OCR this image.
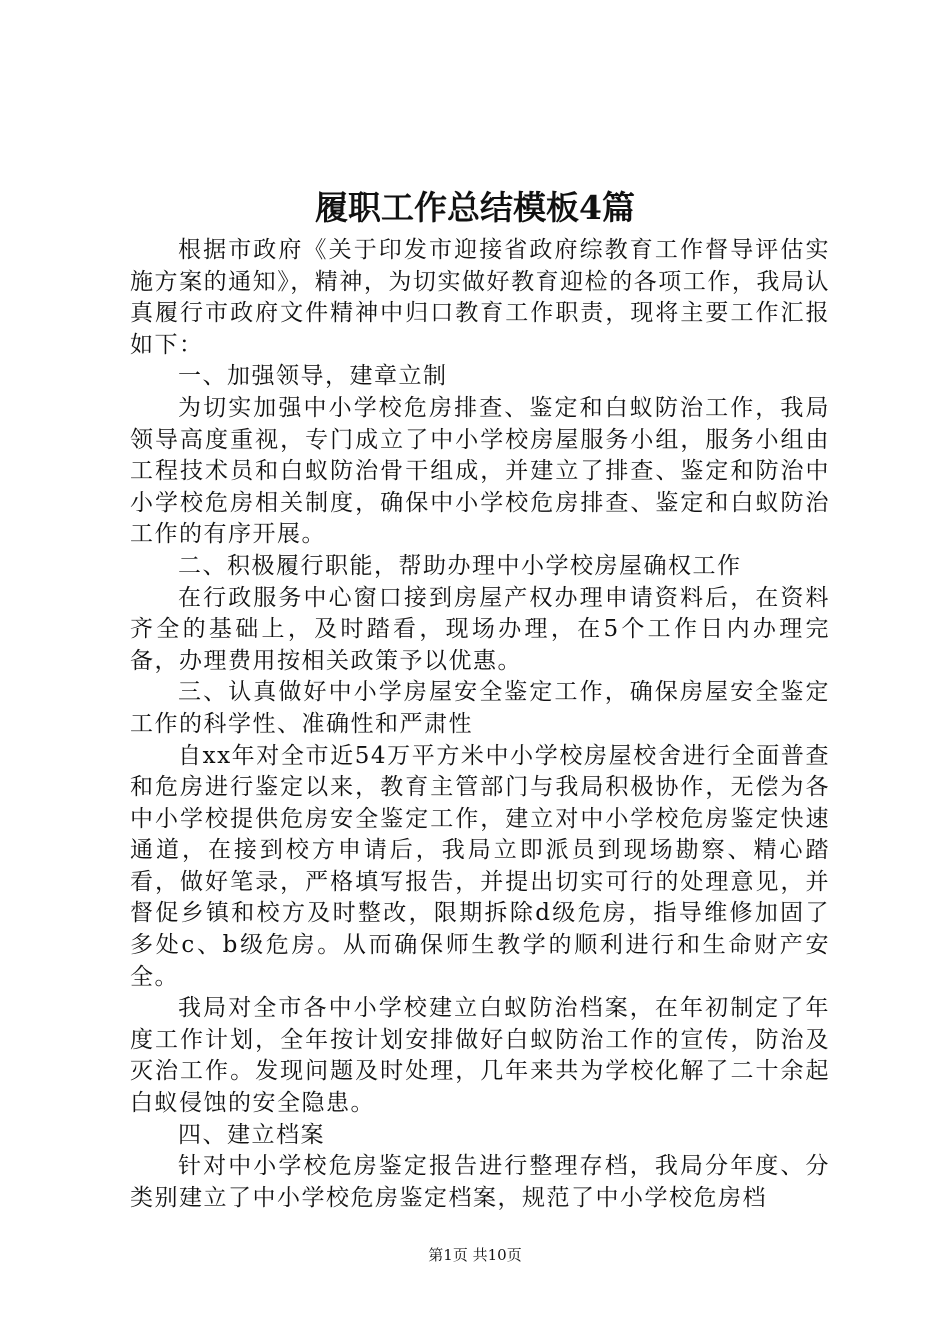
履职工作总结模板4篇

根据市政府《关于印发市迎接省政府综教育工作督导评估实施方案的通知》，精神，为切实做好教育迎检的各项工作，我局认真履行市政府文件精神中归口教育工作职责，现将主要工作汇报如下：

一、加强领导，建章立制

为切实加强中小学校危房排查、鉴定和白蚁防治工作，我局领导高度重视，专门成立了中小学校房屋服务小组，服务小组由工程技术员和白蚁防治骨干组成，并建立了排查、鉴定和防治中小学校危房相关制度，确保中小学校危房排查、鉴定和白蚁防治工作的有序开展。

二、积极履行职能，帮助办理中小学校房屋确权工作

在行政服务中心窗口接到房屋产权办理申请资料后，在资料齐全的基础上，及时踏看，现场办理，在5个工作日内办理完备，办理费用按相关政策予以优惠。

三、认真做好中小学房屋安全鉴定工作，确保房屋安全鉴定工作的科学性、准确性和严肃性

自xx年对全市近54万平方米中小学校房屋校舍进行全面普查和危房进行鉴定以来，教育主管部门与我局积极协作，无偿为各中小学校提供危房安全鉴定工作，建立对中小学校危房鉴定快速通道，在接到校方申请后，我局立即派员到现场勘察、精心踏看，做好笔录，严格填写报告，并提出切实可行的处理意见，并督促乡镇和校方及时整改，限期拆除d级危房，指导维修加固了多处c、b级危房。从而确保师生教学的顺利进行和生命财产安全。

我局对全市各中小学校建立白蚁防治档案，在年初制定了年度工作计划，全年按计划安排做好白蚁防治工作的宣传，防治及灭治工作。发现问题及时处理，几年来共为学校化解了二十余起白蚁侵蚀的安全隐患。

四、建立档案

针对中小学校危房鉴定报告进行整理存档，我局分年度、分类别建立了中小学校危房鉴定档案，规范了中小学校危房档

第1页 共10页
